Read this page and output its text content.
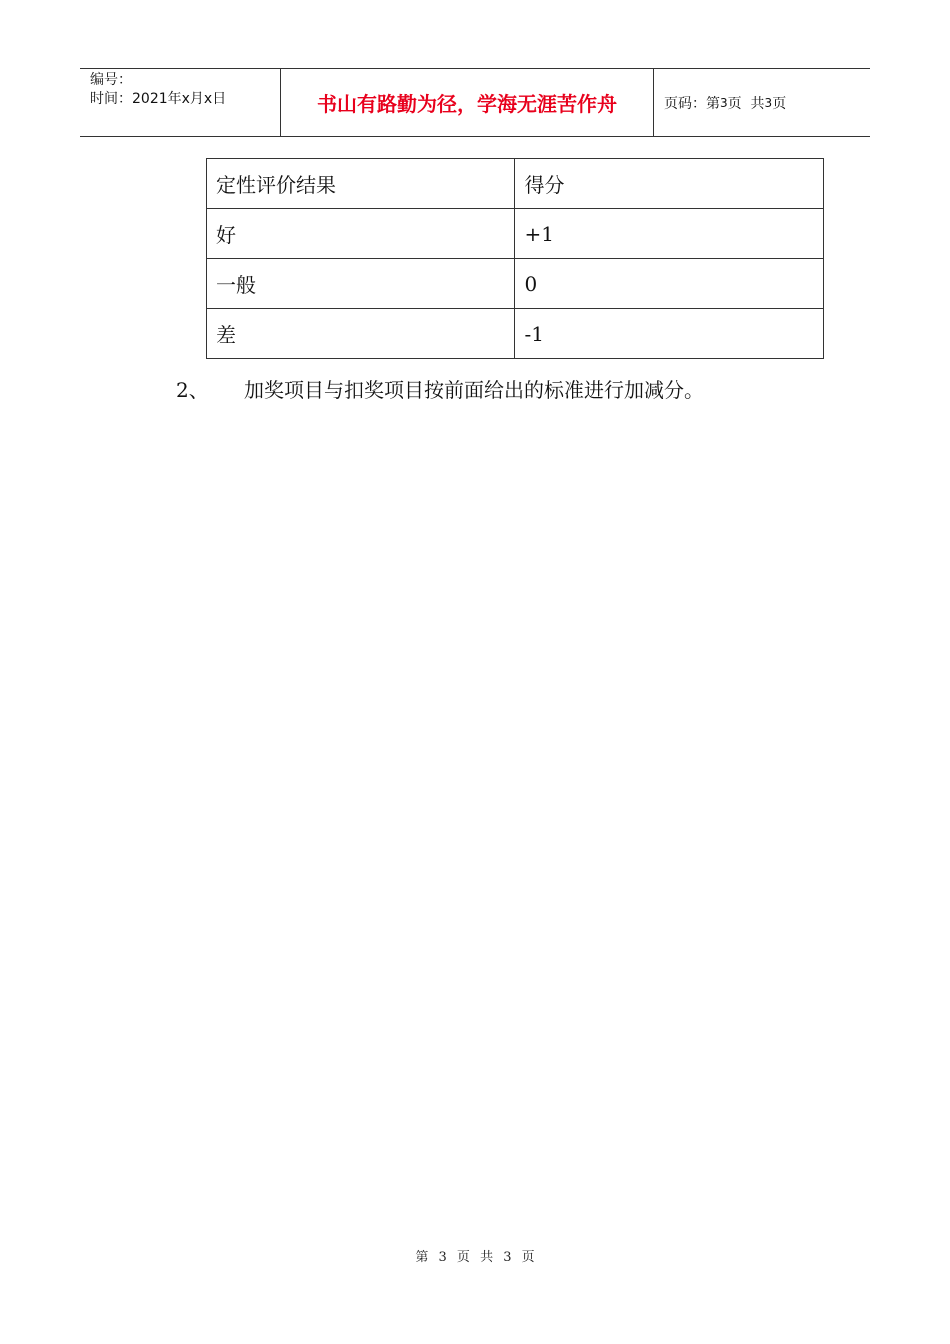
编号：
时间：2021年x月x日	书山有路勤为径，学海无涯苦作舟	页码：第 3 页  共 3 页
定性评价结果	得分
好	+1
一般	0
差	-1
2、	加奖项目与扣奖项目按前面给出的标准进行加减分。
第 3 页 共 3 页
